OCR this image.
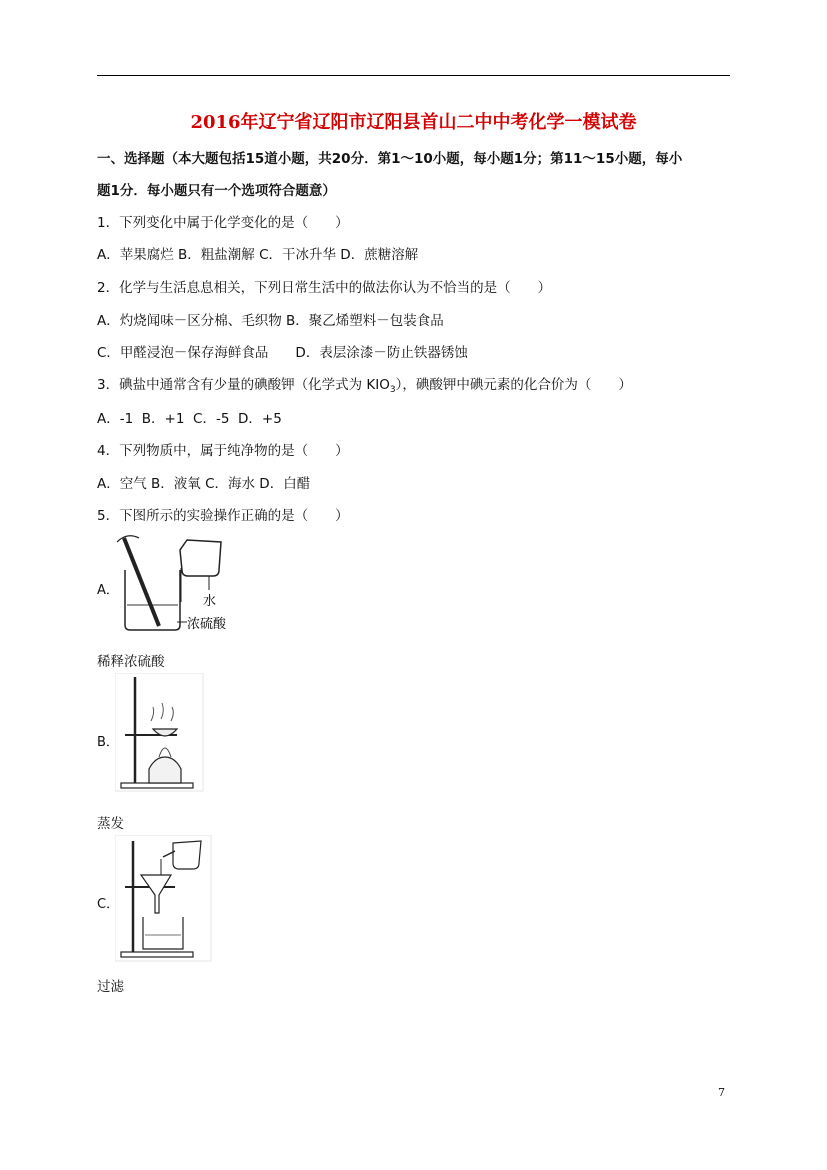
2016年辽宁省辽阳市辽阳县首山二中中考化学一模试卷
一、选择题（本大题包括15道小题，共20分．第1～10小题，每小题1分；第11～15小题，每小
题1分．每小题只有一个选项符合题意）
1．下列变化中属于化学变化的是（　　）
A．苹果腐烂 B．粗盐潮解 C．干冰升华 D．蔗糖溶解
2．化学与生活息息相关，下列日常生活中的做法你认为不恰当的是（　　）
A．灼烧闻味－区分棉、毛织物 B．聚乙烯塑料－包装食品
C．甲醛浸泡－保存海鲜食品　　D．表层涂漆－防止铁器锈蚀
3．碘盐中通常含有少量的碘酸钾（化学式为 $KIO_3$），碘酸钾中碘元素的化合价为（　　）
A．-1  B．+1  C．-5  D．+5
4．下列物质中，属于纯净物的是（　　）
A．空气 B．液氧 C．海水 D．白醋
5．下图所示的实验操作正确的是（　　）
A．
水
浓硫酸
稀释浓硫酸
B．
蒸发
C．
过滤
7
